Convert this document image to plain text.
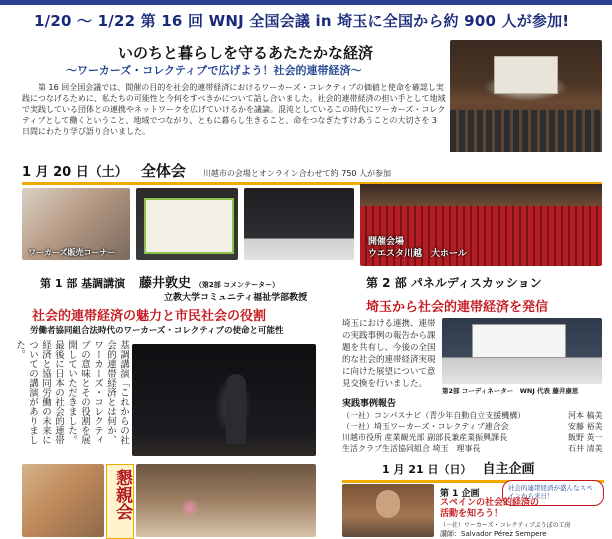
1/20 ～ 1/22 第 16 回 WNJ 全国会議 in 埼玉に全国から約 900 人が参加!
いのちと暮らしを守るあたたかな経済
～ワーカーズ・コレクティブで広げよう！社会的連帯経済～
第 16 回全国会議では、間催の目的を社会的連帯経済におけるワーカーズ・コレクティブの価値と使命を確認し実践につなげるために、私たちの可能性と今何をすべきかについて話し合いました。社会的連帯経済の担い手として地域で実践している団体との連携やネットワークを広げていけるかを議論。混沌としているこの時代にワーカーズ・コレクティブとして働くということ、地域でつながり、ともに暮らし生きること、命をつなぎたすけあうことの大切さを 3 日間にわたり学び語り合いました。
1 月 20 日（土） 全体会 川越市の会場とオンライン合わせて約 750 人が参加
ワーカーズ販売コーナー
開催会場
ウエスタ川越　大ホール
第 1 部 基調講演 藤井敦史 （第2部 コメンテーター）
立教大学コミュニティ福祉学部教授
社会的連帯経済の魅力と市民社会の役割
労働者協同組合法時代のワーカーズ・コレクティブの使命と可能性
基調講演「これからの社会的連帯経済とは何か、ワーカーズ・コレクティブの意味とその役割を展開していただきました。最後に日本の社会的連帯経済と協同労働の未来についての講演がありました。
第 2 部 パネルディスカッション
埼玉から社会的連帯経済を発信
埼玉における連携、連帯の実践事例の報告から課題を共有し、今後の全国的な社会的連帯経済実現に向けた展望について意見交換を行いました。
第2部 コーディネーター　WNJ 代表 藤井康思
実践事例報告
（一社）コンパスナビ（青少年自動自立支援機構）	河本 稿美
（一社）埼玉ワーカーズ・コレクティブ連合会	安藤 裕美
川越市役所 産業観光部 副部長兼産業振興課長	飯野 英一
生活クラブ生活協同組合 埼玉　理事長	石井 清美
懇親会	1 月 21 日（日） 自主企画
社会的連帯経済が盛んなスペインから来日！
第 1 企画
スペインの社会的経済の活動を知ろう！
（一社）ワーカーズ・コレクティブぷうぽの工房
講師：Salvador Pérez Sempere
